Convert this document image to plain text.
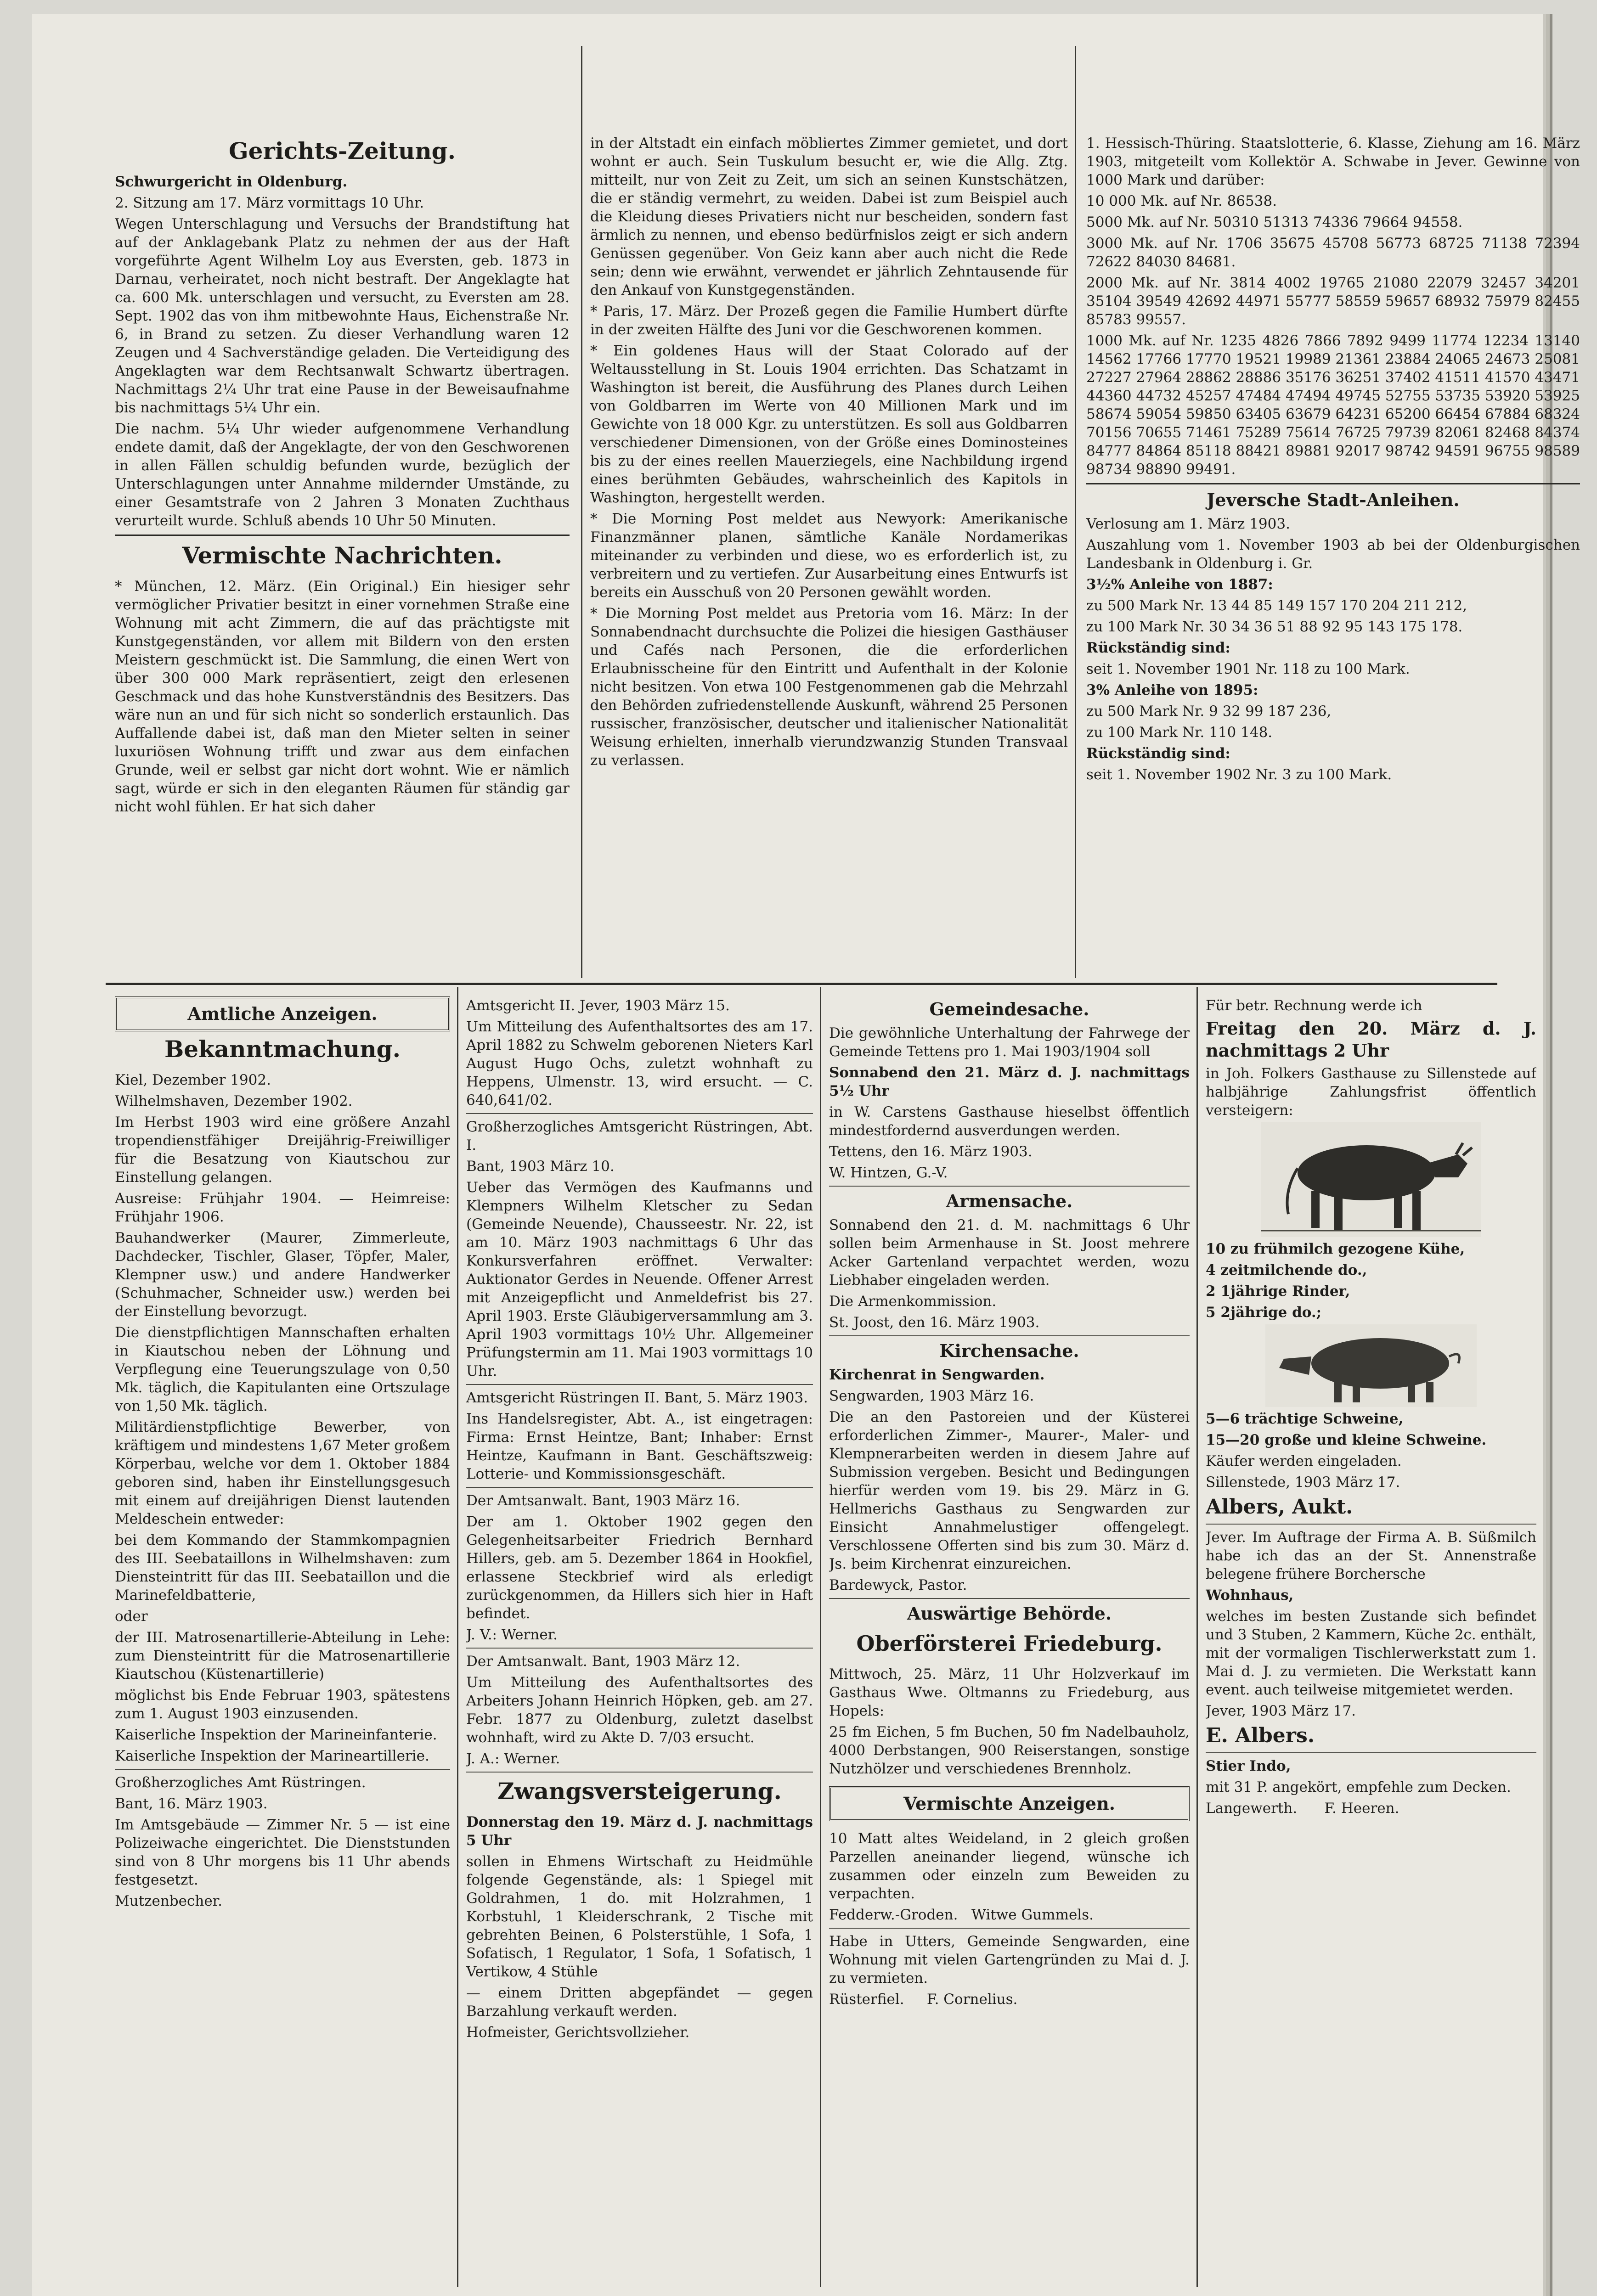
Gerichts-Zeitung.

Schwurgericht in Oldenburg.

2. Sitzung am 17. März vormittags 10 Uhr.

Wegen Unterschlagung und Versuchs der Brandstiftung hat auf der Anklagebank Platz zu nehmen der aus der Haft vorgeführte Agent Wilhelm Loy aus Eversten, geb. 1873 in Darnau, verheiratet, noch nicht bestraft. Der Angeklagte hat ca. 600 Mk. unterschlagen und versucht, zu Eversten am 28. Sept. 1902 das von ihm mitbewohnte Haus, Eichenstraße Nr. 6, in Brand zu setzen. Zu dieser Verhandlung waren 12 Zeugen und 4 Sachverständige geladen. Die Verteidigung des Angeklagten war dem Rechtsanwalt Schwartz übertragen. Nachmittags 2¼ Uhr trat eine Pause in der Beweisaufnahme bis nachmittags 5¼ Uhr ein.

Die nachm. 5¼ Uhr wieder aufgenommene Verhandlung endete damit, daß der Angeklagte, der von den Geschworenen in allen Fällen schuldig befunden wurde, bezüglich der Unterschlagungen unter Annahme mildernder Umstände, zu einer Gesamtstrafe von 2 Jahren 3 Monaten Zuchthaus verurteilt wurde. Schluß abends 10 Uhr 50 Minuten.

Vermischte Nachrichten.

* München, 12. März. (Ein Original.) Ein hiesiger sehr vermöglicher Privatier besitzt in einer vornehmen Straße eine Wohnung mit acht Zimmern, die auf das prächtigste mit Kunstgegenständen, vor allem mit Bildern von den ersten Meistern geschmückt ist. Die Sammlung, die einen Wert von über 300 000 Mark repräsentiert, zeigt den erlesenen Geschmack und das hohe Kunstverständnis des Besitzers. Das wäre nun an und für sich nicht so sonderlich erstaunlich. Das Auffallende dabei ist, daß man den Mieter selten in seiner luxuriösen Wohnung trifft und zwar aus dem einfachen Grunde, weil er selbst gar nicht dort wohnt. Wie er nämlich sagt, würde er sich in den eleganten Räumen für ständig gar nicht wohl fühlen. Er hat sich daher

in der Altstadt ein einfach möbliertes Zimmer gemietet, und dort wohnt er auch. Sein Tuskulum besucht er, wie die Allg. Ztg. mitteilt, nur von Zeit zu Zeit, um sich an seinen Kunstschätzen, die er ständig vermehrt, zu weiden. Dabei ist zum Beispiel auch die Kleidung dieses Privatiers nicht nur bescheiden, sondern fast ärmlich zu nennen, und ebenso bedürfnislos zeigt er sich andern Genüssen gegenüber. Von Geiz kann aber auch nicht die Rede sein; denn wie erwähnt, verwendet er jährlich Zehntausende für den Ankauf von Kunstgegenständen.

* Paris, 17. März. Der Prozeß gegen die Familie Humbert dürfte in der zweiten Hälfte des Juni vor die Geschworenen kommen.

* Ein goldenes Haus will der Staat Colorado auf der Weltausstellung in St. Louis 1904 errichten. Das Schatzamt in Washington ist bereit, die Ausführung des Planes durch Leihen von Goldbarren im Werte von 40 Millionen Mark und im Gewichte von 18 000 Kgr. zu unterstützen. Es soll aus Goldbarren verschiedener Dimensionen, von der Größe eines Dominosteines bis zu der eines reellen Mauerziegels, eine Nachbildung irgend eines berühmten Gebäudes, wahrscheinlich des Kapitols in Washington, hergestellt werden.

* Die Morning Post meldet aus Newyork: Amerikanische Finanzmänner planen, sämtliche Kanäle Nordamerikas miteinander zu verbinden und diese, wo es erforderlich ist, zu verbreitern und zu vertiefen. Zur Ausarbeitung eines Entwurfs ist bereits ein Ausschuß von 20 Personen gewählt worden.

* Die Morning Post meldet aus Pretoria vom 16. März: In der Sonnabendnacht durchsuchte die Polizei die hiesigen Gasthäuser und Cafés nach Personen, die die erforderlichen Erlaubnisscheine für den Eintritt und Aufenthalt in der Kolonie nicht besitzen. Von etwa 100 Festgenommenen gab die Mehrzahl den Behörden zufriedenstellende Auskunft, während 25 Personen russischer, französischer, deutscher und italienischer Nationalität Weisung erhielten, innerhalb vierundzwanzig Stunden Transvaal zu verlassen.

1. Hessisch-Thüring. Staatslotterie, 6. Klasse, Ziehung am 16. März 1903, mitgeteilt vom Kollektör A. Schwabe in Jever. Gewinne von 1000 Mark und darüber:

10 000 Mk. auf Nr. 86538.

5000 Mk. auf Nr. 50310 51313 74336 79664 94558.

3000 Mk. auf Nr. 1706 35675 45708 56773 68725 71138 72394 72622 84030 84681.

2000 Mk. auf Nr. 3814 4002 19765 21080 22079 32457 34201 35104 39549 42692 44971 55777 58559 59657 68932 75979 82455 85783 99557.

1000 Mk. auf Nr. 1235 4826 7866 7892 9499 11774 12234 13140 14562 17766 17770 19521 19989 21361 23884 24065 24673 25081 27227 27964 28862 28886 35176 36251 37402 41511 41570 43471 44360 44732 45257 47484 47494 49745 52755 53735 53920 53925 58674 59054 59850 63405 63679 64231 65200 66454 67884 68324 70156 70655 71461 75289 75614 76725 79739 82061 82468 84374 84777 84864 85118 88421 89881 92017 98742 94591 96755 98589 98734 98890 99491.

Jeversche Stadt-Anleihen.

Verlosung am 1. März 1903.

Auszahlung vom 1. November 1903 ab bei der Oldenburgischen Landesbank in Oldenburg i. Gr.

3½% Anleihe von 1887:

zu 500 Mark Nr. 13 44 85 149 157 170 204 211 212,

zu 100 Mark Nr. 30 34 36 51 88 92 95 143 175 178.

Rückständig sind:

seit 1. November 1901 Nr. 118 zu 100 Mark.

3% Anleihe von 1895:

zu 500 Mark Nr. 9 32 99 187 236,

zu 100 Mark Nr. 110 148.

Rückständig sind:

seit 1. November 1902 Nr. 3 zu 100 Mark.

Amtliche Anzeigen.
Bekanntmachung.

Kiel, Dezember 1902.

Wilhelmshaven, Dezember 1902.

Im Herbst 1903 wird eine größere Anzahl tropendienstfähiger Dreijährig-Freiwilliger für die Besatzung von Kiautschou zur Einstellung gelangen.

Ausreise: Frühjahr 1904. — Heimreise: Frühjahr 1906.

Bauhandwerker (Maurer, Zimmerleute, Dachdecker, Tischler, Glaser, Töpfer, Maler, Klempner usw.) und andere Handwerker (Schuhmacher, Schneider usw.) werden bei der Einstellung bevorzugt.

Die dienstpflichtigen Mannschaften erhalten in Kiautschou neben der Löhnung und Verpflegung eine Teuerungszulage von 0,50 Mk. täglich, die Kapitulanten eine Ortszulage von 1,50 Mk. täglich.

Militärdienstpflichtige Bewerber, von kräftigem und mindestens 1,67 Meter großem Körperbau, welche vor dem 1. Oktober 1884 geboren sind, haben ihr Einstellungsgesuch mit einem auf dreijährigen Dienst lautenden Meldeschein entweder:

bei dem Kommando der Stammkompagnien des III. Seebataillons in Wilhelmshaven: zum Diensteintritt für das III. Seebataillon und die Marinefeldbatterie,

oder

der III. Matrosenartillerie-Abteilung in Lehe: zum Diensteintritt für die Matrosenartillerie Kiautschou (Küstenartillerie)

möglichst bis Ende Februar 1903, spätestens zum 1. August 1903 einzusenden.

Kaiserliche Inspektion der Marineinfanterie.

Kaiserliche Inspektion der Marineartillerie.

Großherzogliches Amt Rüstringen.

Bant, 16. März 1903.

Im Amtsgebäude — Zimmer Nr. 5 — ist eine Polizeiwache eingerichtet. Die Dienststunden sind von 8 Uhr morgens bis 11 Uhr abends festgesetzt.

Mutzenbecher.

Amtsgericht II. Jever, 1903 März 15.

Um Mitteilung des Aufenthaltsortes des am 17. April 1882 zu Schwelm geborenen Nieters Karl August Hugo Ochs, zuletzt wohnhaft zu Heppens, Ulmenstr. 13, wird ersucht. — C. 640,641/02.

Großherzogliches Amtsgericht Rüstringen, Abt. I.

Bant, 1903 März 10.

Ueber das Vermögen des Kaufmanns und Klempners Wilhelm Kletscher zu Sedan (Gemeinde Neuende), Chausseestr. Nr. 22, ist am 10. März 1903 nachmittags 6 Uhr das Konkursverfahren eröffnet. Verwalter: Auktionator Gerdes in Neuende. Offener Arrest mit Anzeigepflicht und Anmeldefrist bis 27. April 1903. Erste Gläubigerversammlung am 3. April 1903 vormittags 10½ Uhr. Allgemeiner Prüfungstermin am 11. Mai 1903 vormittags 10 Uhr.

Amtsgericht Rüstringen II. Bant, 5. März 1903.

Ins Handelsregister, Abt. A., ist eingetragen: Firma: Ernst Heintze, Bant; Inhaber: Ernst Heintze, Kaufmann in Bant. Geschäftszweig: Lotterie- und Kommissionsgeschäft.

Der Amtsanwalt. Bant, 1903 März 16.

Der am 1. Oktober 1902 gegen den Gelegenheitsarbeiter Friedrich Bernhard Hillers, geb. am 5. Dezember 1864 in Hookfiel, erlassene Steckbrief wird als erledigt zurückgenommen, da Hillers sich hier in Haft befindet.

J. V.: Werner.

Der Amtsanwalt. Bant, 1903 März 12.

Um Mitteilung des Aufenthaltsortes des Arbeiters Johann Heinrich Höpken, geb. am 27. Febr. 1877 zu Oldenburg, zuletzt daselbst wohnhaft, wird zu Akte D. 7/03 ersucht.

J. A.: Werner.

Zwangsversteigerung.

Donnerstag den 19. März d. J. nachmittags 5 Uhr

sollen in Ehmens Wirtschaft zu Heidmühle folgende Gegenstände, als: 1 Spiegel mit Goldrahmen, 1 do. mit Holzrahmen, 1 Korbstuhl, 1 Kleiderschrank, 2 Tische mit gebrehten Beinen, 6 Polsterstühle, 1 Sofa, 1 Sofatisch, 1 Regulator, 1 Sofa, 1 Sofatisch, 1 Vertikow, 4 Stühle

— einem Dritten abgepfändet — gegen Barzahlung verkauft werden.

Hofmeister, Gerichtsvollzieher.

Gemeindesache.

Die gewöhnliche Unterhaltung der Fahrwege der Gemeinde Tettens pro 1. Mai 1903/1904 soll

Sonnabend den 21. März d. J. nachmittags 5½ Uhr

in W. Carstens Gasthause hieselbst öffentlich mindestfordernd ausverdungen werden.

Tettens, den 16. März 1903.

W. Hintzen, G.-V.

Armensache.

Sonnabend den 21. d. M. nachmittags 6 Uhr sollen beim Armenhause in St. Joost mehrere Acker Gartenland verpachtet werden, wozu Liebhaber eingeladen werden.

Die Armenkommission.

St. Joost, den 16. März 1903.

Kirchensache.

Kirchenrat in Sengwarden.

Sengwarden, 1903 März 16.

Die an den Pastoreien und der Küsterei erforderlichen Zimmer-, Maurer-, Maler- und Klempnerarbeiten werden in diesem Jahre auf Submission vergeben. Besicht und Bedingungen hierfür werden vom 19. bis 29. März in G. Hellmerichs Gasthaus zu Sengwarden zur Einsicht Annahmelustiger offengelegt. Verschlossene Offerten sind bis zum 30. März d. Js. beim Kirchenrat einzureichen.

Bardewyck, Pastor.

Auswärtige Behörde.
Oberförsterei Friedeburg.

Mittwoch, 25. März, 11 Uhr Holzverkauf im Gasthaus Wwe. Oltmanns zu Friedeburg, aus Hopels:

25 fm Eichen, 5 fm Buchen, 50 fm Nadelbauholz, 4000 Derbstangen, 900 Reiserstangen, sonstige Nutzhölzer und verschiedenes Brennholz.

Vermischte Anzeigen.

10 Matt altes Weideland, in 2 gleich großen Parzellen aneinander liegend, wünsche ich zusammen oder einzeln zum Beweiden zu verpachten.

Fedderw.-Groden. Witwe Gummels.

Habe in Utters, Gemeinde Sengwarden, eine Wohnung mit vielen Gartengründen zu Mai d. J. zu vermieten.

Rüsterfiel. F. Cornelius.

Für betr. Rechnung werde ich

Freitag den 20. März d. J. nachmittags 2 Uhr

in Joh. Folkers Gasthause zu Sillenstede auf halbjährige Zahlungsfrist öffentlich versteigern:

10 zu frühmilch gezogene Kühe,

4 zeitmilchende do.,

2 1jährige Rinder,

5 2jährige do.;

5—6 trächtige Schweine,

15—20 große und kleine Schweine.

Käufer werden eingeladen.

Sillenstede, 1903 März 17.

Albers, Aukt.

Jever. Im Auftrage der Firma A. B. Süßmilch habe ich das an der St. Annenstraße belegene frühere Borchersche

Wohnhaus,

welches im besten Zustande sich befindet und 3 Stuben, 2 Kammern, Küche 2c. enthält, mit der vormaligen Tischlerwerkstatt zum 1. Mai d. J. zu vermieten. Die Werkstatt kann event. auch teilweise mitgemietet werden.

Jever, 1903 März 17.

E. Albers.

Stier Indo,

mit 31 P. angekört, empfehle zum Decken.

Langewerth. F. Heeren.
